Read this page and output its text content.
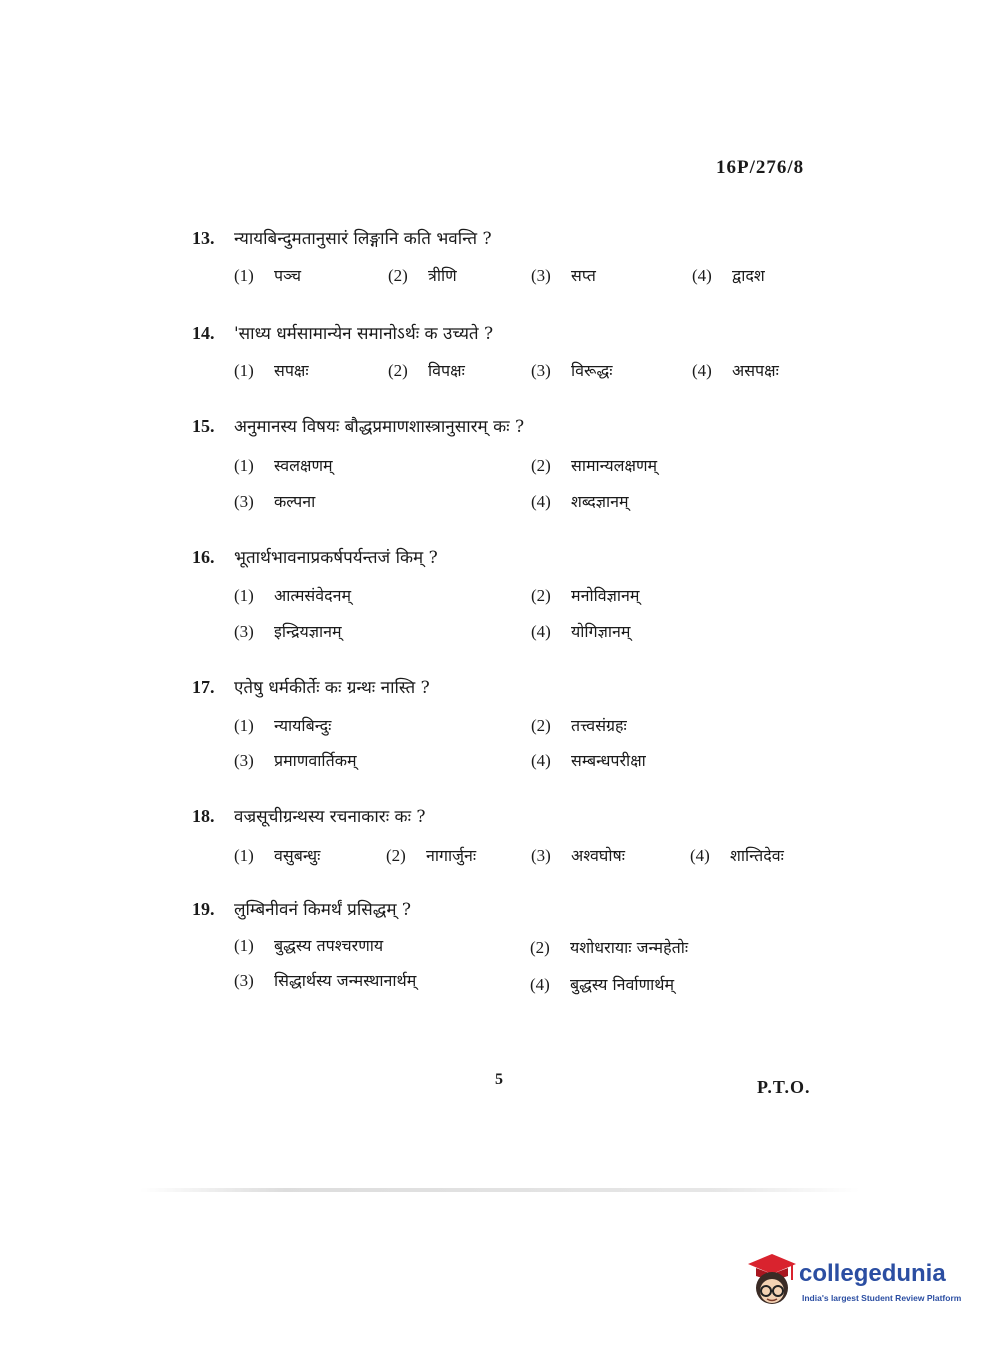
16P/276/8
13. न्यायबिन्दुमतानुसारं लिङ्गानि कति भवन्ति ?
(1) पञ्च	(2) त्रीणि	(3) सप्त	(4) द्वादश
14. 'साध्य धर्मसामान्येन समानोऽर्थः क उच्यते ?
(1) सपक्षः	(2) विपक्षः	(3) विरूद्धः	(4) असपक्षः
15. अनुमानस्य विषयः बौद्धप्रमाणशास्त्रानुसारम् कः ?
(1) स्वलक्षणम्	(2) सामान्यलक्षणम्
(3) कल्पना	(4) शब्दज्ञानम्
16. भूतार्थभावनाप्रकर्षपर्यन्तजं किम् ?
(1) आत्मसंवेदनम्	(2) मनोविज्ञानम्
(3) इन्द्रियज्ञानम्	(4) योगिज्ञानम्
17. एतेषु धर्मकीर्तेः कः ग्रन्थः नास्ति ?
(1) न्यायबिन्दुः	(2) तत्त्वसंग्रहः
(3) प्रमाणवार्तिकम्	(4) सम्बन्धपरीक्षा
18. वज्रसूचीग्रन्थस्य रचनाकारः कः ?
(1) वसुबन्धुः	(2) नागार्जुनः	(3) अश्वघोषः	(4) शान्तिदेवः
19. लुम्बिनीवनं किमर्थं प्रसिद्धम् ?
(1) बुद्धस्य तपश्चरणाय	(2) यशोधरायाः जन्महेतोः
(3) सिद्धार्थस्य जन्मस्थानार्थम्	(4) बुद्धस्य निर्वाणार्थम्
5	P.T.O.
collegedunia
India's largest Student Review Platform
